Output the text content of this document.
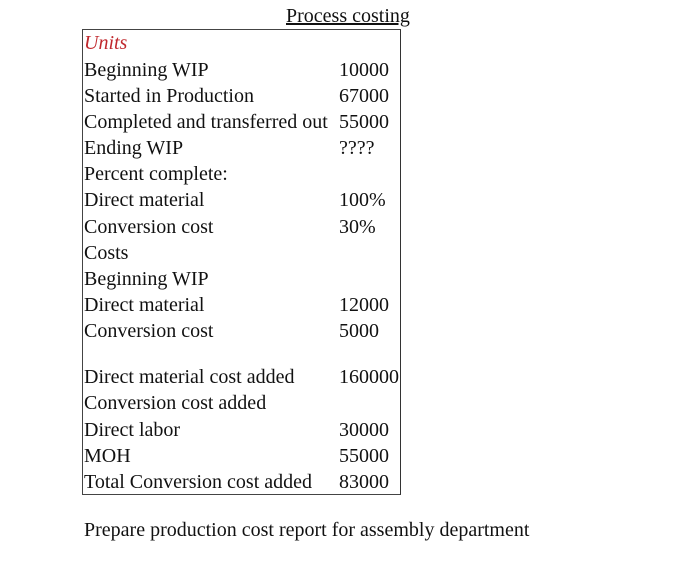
Process costing
Units
Beginning WIP	10000
Started in Production	67000
Completed and transferred out 55000
Ending WIP	????
Percent complete:
Direct material	100%
Conversion cost	30%
Costs
Beginning WIP
Direct material	12000
Conversion cost	5000
Direct material cost added 160000
Conversion cost added
Direct labor	30000
MOH	55000
Total Conversion cost added 83000
Prepare production cost report for assembly department
